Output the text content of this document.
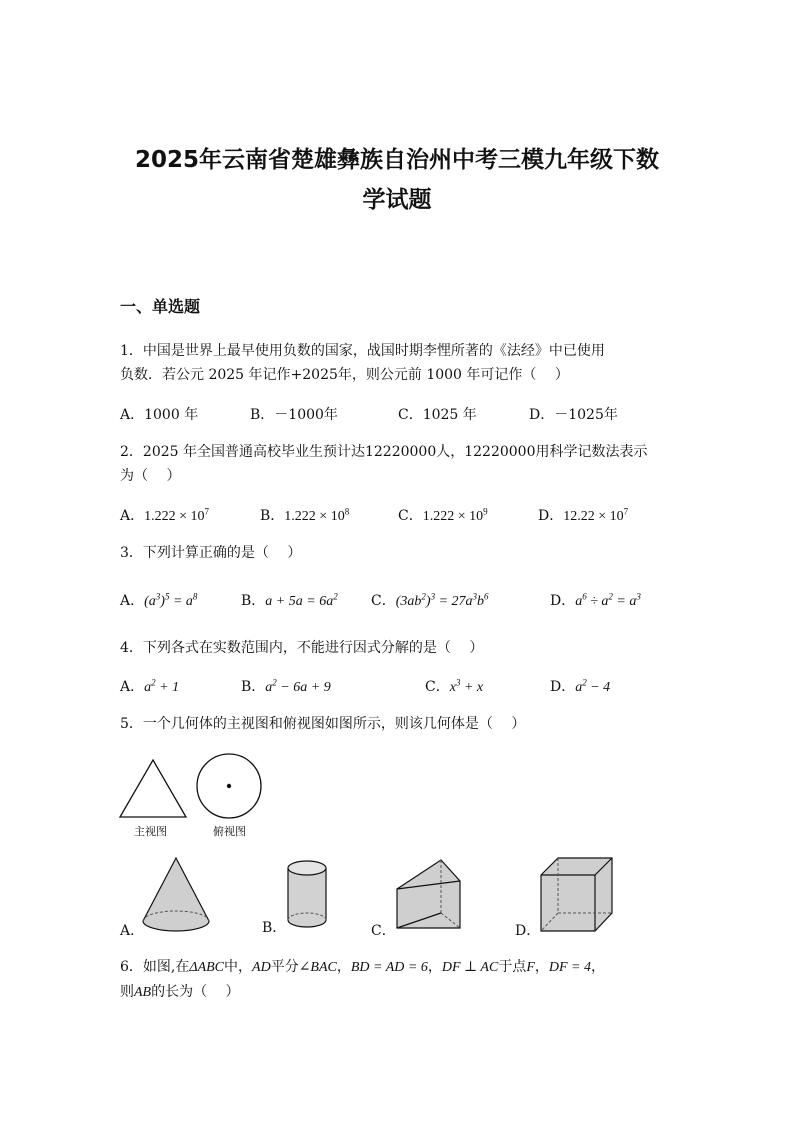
2025年云南省楚雄彝族自治州中考三模九年级下数
学试题
一、单选题
1．中国是世界上最早使用负数的国家，战国时期李悝所著的《法经》中已使用
负数．若公元 2025 年记作+2025年，则公元前 1000 年可记作（　 ）
A．1000 年	B．－1000年	C．1025 年	D．－1025年
2．2025 年全国普通高校毕业生预计达12220000人，12220000用科学记数法表示
为（　 ）
A．$1.222 \times 10^7$	B．$1.222 \times 10^8$	C．$1.222 \times 10^9$	D．$12.22 \times 10^7$
3．下列计算正确的是（　 ）
A．$(a^3)^5 = a^8$	B．$a + 5a = 6a^2$ C．$(3ab^2)^3 = 27a^3b^6$	D．$a^6 \div a^2 = a^3$
4．下列各式在实数范围内，不能进行因式分解的是（　 ）
A．$a^2 + 1$	B．$a^2 - 6a + 9$	C．$x^3 + x$	D．$a^2 - 4$
5．一个几何体的主视图和俯视图如图所示，则该几何体是（　 ）
主视图	俯视图
A．	B．	C．	D．
6．如图,在ΔABC中，AD平分∠BAC，BD = AD = 6，DF ⊥ AC于点F，DF = 4，
则AB的长为（　 ）
